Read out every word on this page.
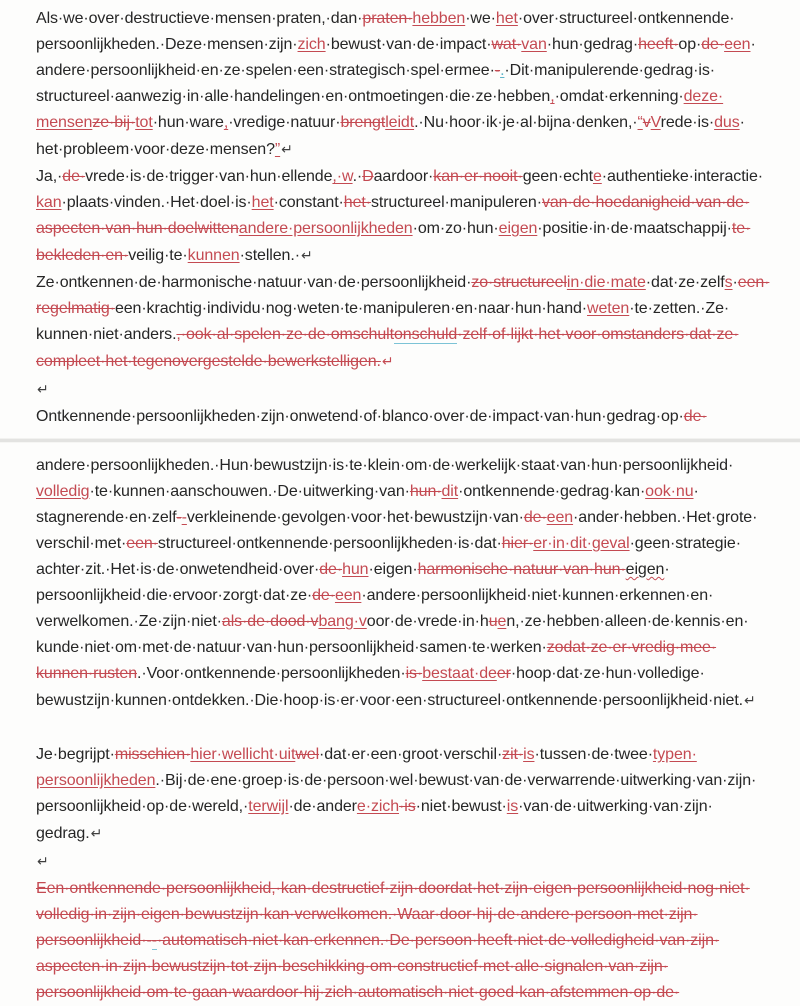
Als·​we·​over·​destructieve·​mensen·​praten,·​dan·​praten·​hebben·​we·​het·​over·​structureel·​ontkennende·​persoonlijkheden.·​Deze·​mensen·​zijn·​zich·​bewust·​van·​de·​impact·​wat·​van·​hun·​gedrag·​heeft·​op·​de·​een·​andere·​persoonlijkheid·​en·​ze·​spelen·​een·​strategisch·​spel·​ermee·​-.·​Dit·​manipulerende·​gedrag·​is·​structureel·​aanwezig·​in·​alle·​handelingen·​en·​ontmoetingen·​die·​ze·​hebben,·​omdat·​erkenning·​deze·​mensenze·​bij·​tot·​hun·​ware,·​vredige·​natuur·​brengtleidt.·​Nu·​hoor·​ik·​je·​al·​bijna·​denken,·​“vVrede·​is·​dus·​het·​probleem·​voor·​deze·​mensen?”↵

Ja,·​de·​vrede·​is·​de·​trigger·​van·​hun·​ellende,·​w.·​Daardoor·​kan·​er·​nooit·​geen·​echte·​authentieke·​interactie·​kan·​plaats·​vinden.·​Het·​doel·​is·​het·​constant·​het·​structureel·​manipuleren·​van·​de·​hoedanigheid·​van·​de·​aspecten·​van·​hun·​doelwittenandere·​persoonlijkheden·​om·​zo·​hun·​eigen·​positie·​in·​de·​maatschappij·​te·​bekleden·​en·​veilig·​te·​kunnen·​stellen.·​↵

Ze·​ontkennen·​de·​harmonische·​natuur·​van·​de·​persoonlijkheid·​zo·​structureelin·​die·​mate·​dat·​ze·​zelfs·​een·​regelmatig·​een·​krachtig·​individu·​nog·​weten·​te·​manipuleren·​en·​naar·​hun·​hand·​weten·​te·​zetten.·​Ze·​kunnen·​niet·​anders.,·​ook·​al·​spelen·​ze·​de·​omschultonschuld·​zelf·​of·​lijkt·​het·​voor·​omstanders·​dat·​ze·​compleet·​het·​tegenovergestelde·​bewerkstelligen.↵

↵

Ontkennende·​persoonlijkheden·​zijn·​onwetend·​of·​blanco·​over·​de·​impact·​van·​hun·​gedrag·​op·​de·​

andere·​persoonlijkheden.·​Hun·​bewustzijn·​is·​te·​klein·​om·​de·​werkelijk·​staat·​van·​hun·​persoonlijkheid·​volledig·​te·​kunnen·​aanschouwen.·​De·​uitwerking·​van·​hun·​dit·​ontkennende·​gedrag·​kan·​ook·​nu·​stagnerende·​en·​zelf--verkleinende·​gevolgen·​voor·​het·​bewustzijn·​van·​de·​een·​ander·​hebben.·​Het·​grote·​verschil·​met·​een·​structureel·​ontkennende·​persoonlijkheden·​is·​dat·​hier·​er·​in·​dit·​geval·​geen·​strategie·​achter·​zit.·​Het·​is·​de·​onwetendheid·​over·​de·​hun·​eigen·​harmonische·​natuur·​van·​hun·​eigen·​persoonlijkheid·​die·​ervoor·​zorgt·​dat·​ze·​de·​een·​andere·​persoonlijkheid·​niet·​kunnen·​erkennen·​en·​verwelkomen.·​Ze·​zijn·​niet·​als·​de·​dood·​vbang·​voor·​de·​vrede·​in·​huen,·​ze·​hebben·​alleen·​de·​kennis·​en·​kunde·​niet·​om·​met·​de·​natuur·​van·​hun·​persoonlijkheid·​samen·​te·​werken·​zodat·​ze·​er·​vredig·​mee·​kunnen·​rusten.·​Voor·​ontkennende·​persoonlijkheden·​is·​bestaat·​deer·​hoop·​dat·​ze·​hun·​volledige·​bewustzijn·​kunnen·​ontdekken.·​Die·​hoop·​is·​er·​voor·​een·​structureel·​ontkennende·​persoonlijkheid·​niet.↵

Je·​begrijpt·​misschien·​hier·​wellicht·​uitwel·​dat·​er·​een·​groot·​verschil·​zit·​is·​tussen·​de·​twee·​typen·​persoonlijkheden.·​Bij·​de·​ene·​groep·​is·​de·​persoon·​wel·​bewust·​van·​de·​verwarrende·​uitwerking·​van·​zijn·​persoonlijkheid·​op·​de·​wereld,·​terwijl·​de·​andere·​zich·​is·​niet·​bewust·​is·​van·​de·​uitwerking·​van·​zijn·​gedrag.↵

↵

Een·​ontkennende·​persoonlijkheid,·​kan·​destructief·​zijn·​doordat·​het·​zijn·​eigen·​persoonlijkheid·​nog·​niet·​volledig·​in·​zijn·​eigen·​bewustzijn·​kan·​verwelkomen.·​Waar·​door·​hij·​de·​andere·​persoon·​met·​zijn·​persoonlijkheid·​--·​automatisch·​niet·​kan·​erkennen.·​De·​persoon·​heeft·​niet·​de·​volledigheid·​van·​zijn·​aspecten·​in·​zijn·​bewustzijn·​tot·​zijn·​beschikking·​om·​constructief·​met·​alle·​signalen·​van·​zijn·​persoonlijkheid·​om·​te·​gaan·​waardoor·​hij·​zich·​automatisch·​niet·​goed·​kan·​afstemmen·​op·​de·​
